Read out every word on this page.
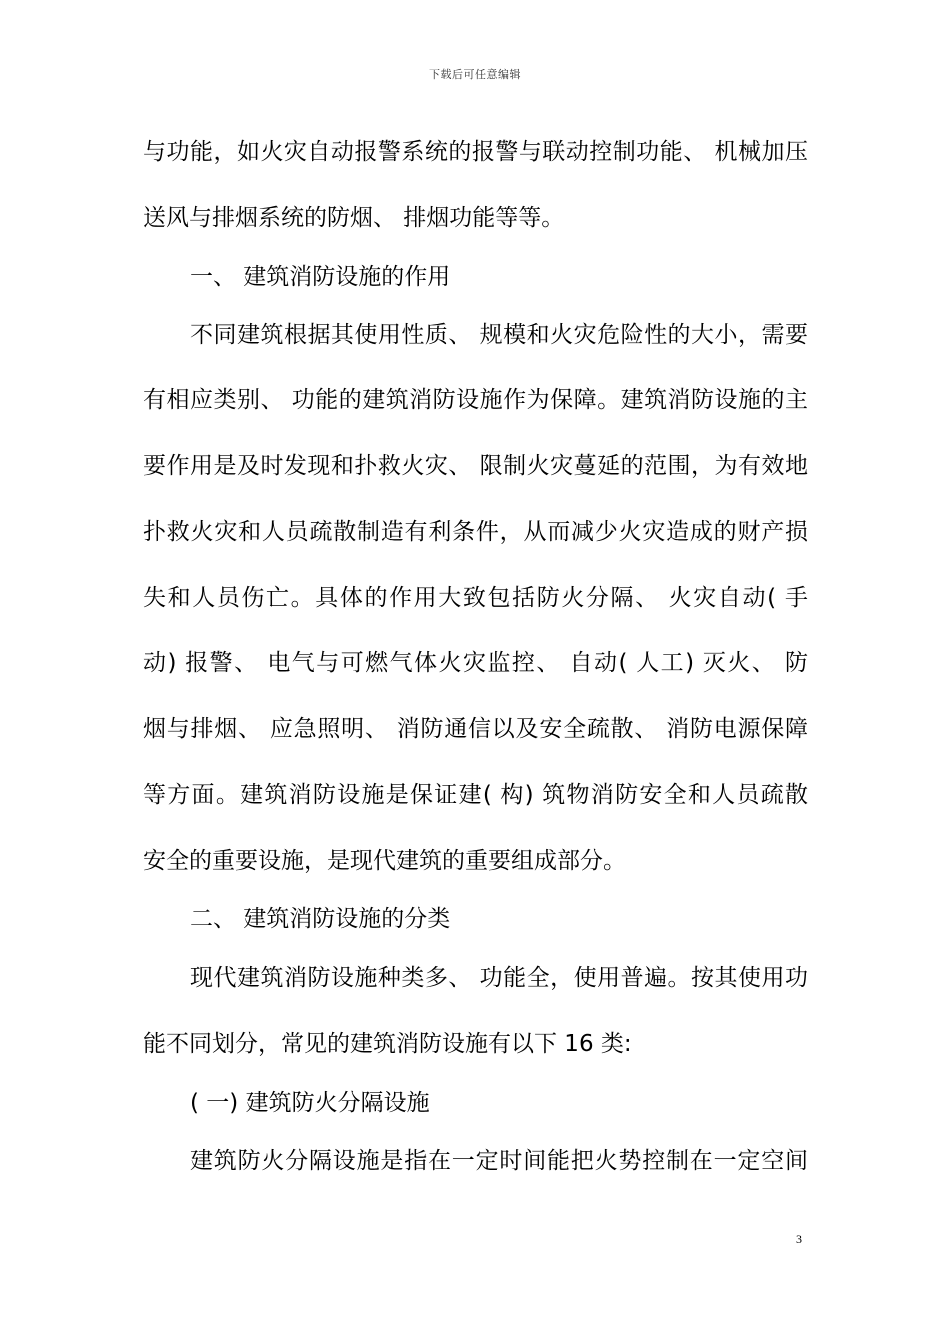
下载后可任意编辑
与功能，如火灾自动报警系统的报警与联动控制功能、 机械加压
送风与排烟系统的防烟、 排烟功能等等。
一、 建筑消防设施的作用
不同建筑根据其使用性质、 规模和火灾危险性的大小，需要
有相应类别、 功能的建筑消防设施作为保障。建筑消防设施的主
要作用是及时发现和扑救火灾、 限制火灾蔓延的范围，为有效地
扑救火灾和人员疏散制造有利条件，从而减少火灾造成的财产损
失和人员伤亡。具体的作用大致包括防火分隔、 火灾自动( 手
动) 报警、 电气与可燃气体火灾监控、 自动( 人工) 灭火、 防
烟与排烟、 应急照明、 消防通信以及安全疏散、 消防电源保障
等方面。建筑消防设施是保证建( 构) 筑物消防安全和人员疏散
安全的重要设施，是现代建筑的重要组成部分。
二、 建筑消防设施的分类
现代建筑消防设施种类多、 功能全，使用普遍。按其使用功
能不同划分，常见的建筑消防设施有以下 16 类:
( 一) 建筑防火分隔设施
建筑防火分隔设施是指在一定时间能把火势控制在一定空间
3
